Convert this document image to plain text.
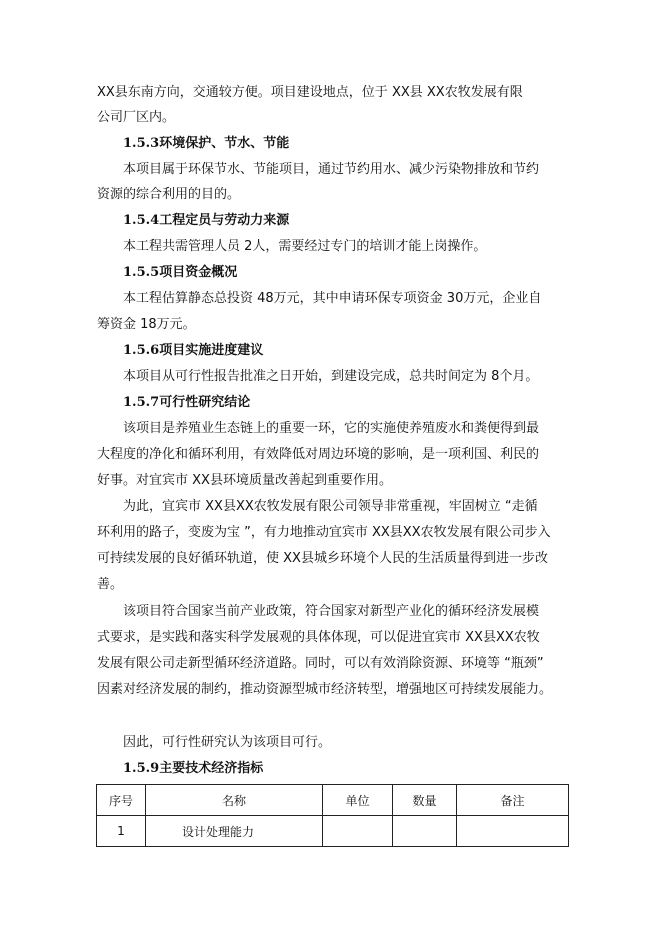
XX县东南方向，交通较方便。项目建设地点，位于 XX县 XX农牧发展有限
公司厂区内。
1.5.3环境保护、节水、节能
本项目属于环保节水、节能项目，通过节约用水、减少污染物排放和节约
资源的综合利用的目的。
1.5.4工程定员与劳动力来源
本工程共需管理人员 2人，需要经过专门的培训才能上岗操作。
1.5.5项目资金概况
本工程估算静态总投资 48万元，其中申请环保专项资金 30万元，企业自
筹资金 18万元。
1.5.6项目实施进度建议
本项目从可行性报告批准之日开始，到建设完成，总共时间定为 8个月。
1.5.7可行性研究结论
该项目是养殖业生态链上的重要一环，它的实施使养殖废水和粪便得到最
大程度的净化和循环利用，有效降低对周边环境的影响，是一项利国、利民的
好事。对宜宾市 XX县环境质量改善起到重要作用。
为此，宜宾市 XX县XX农牧发展有限公司领导非常重视，牢固树立 “走循
环利用的路子，变废为宝 ”，有力地推动宜宾市 XX县XX农牧发展有限公司步入
可持续发展的良好循环轨道，使 XX县城乡环境个人民的生活质量得到进一步改
善。
该项目符合国家当前产业政策，符合国家对新型产业化的循环经济发展模
式要求，是实践和落实科学发展观的具体体现，可以促进宜宾市 XX县XX农牧
发展有限公司走新型循环经济道路。同时，可以有效消除资源、环境等 “瓶颈”
因素对经济发展的制约，推动资源型城市经济转型，增强地区可持续发展能力。
因此，可行性研究认为该项目可行。
1.5.9主要技术经济指标
序号	名称	单位	数量	备注
1	设计处理能力			
